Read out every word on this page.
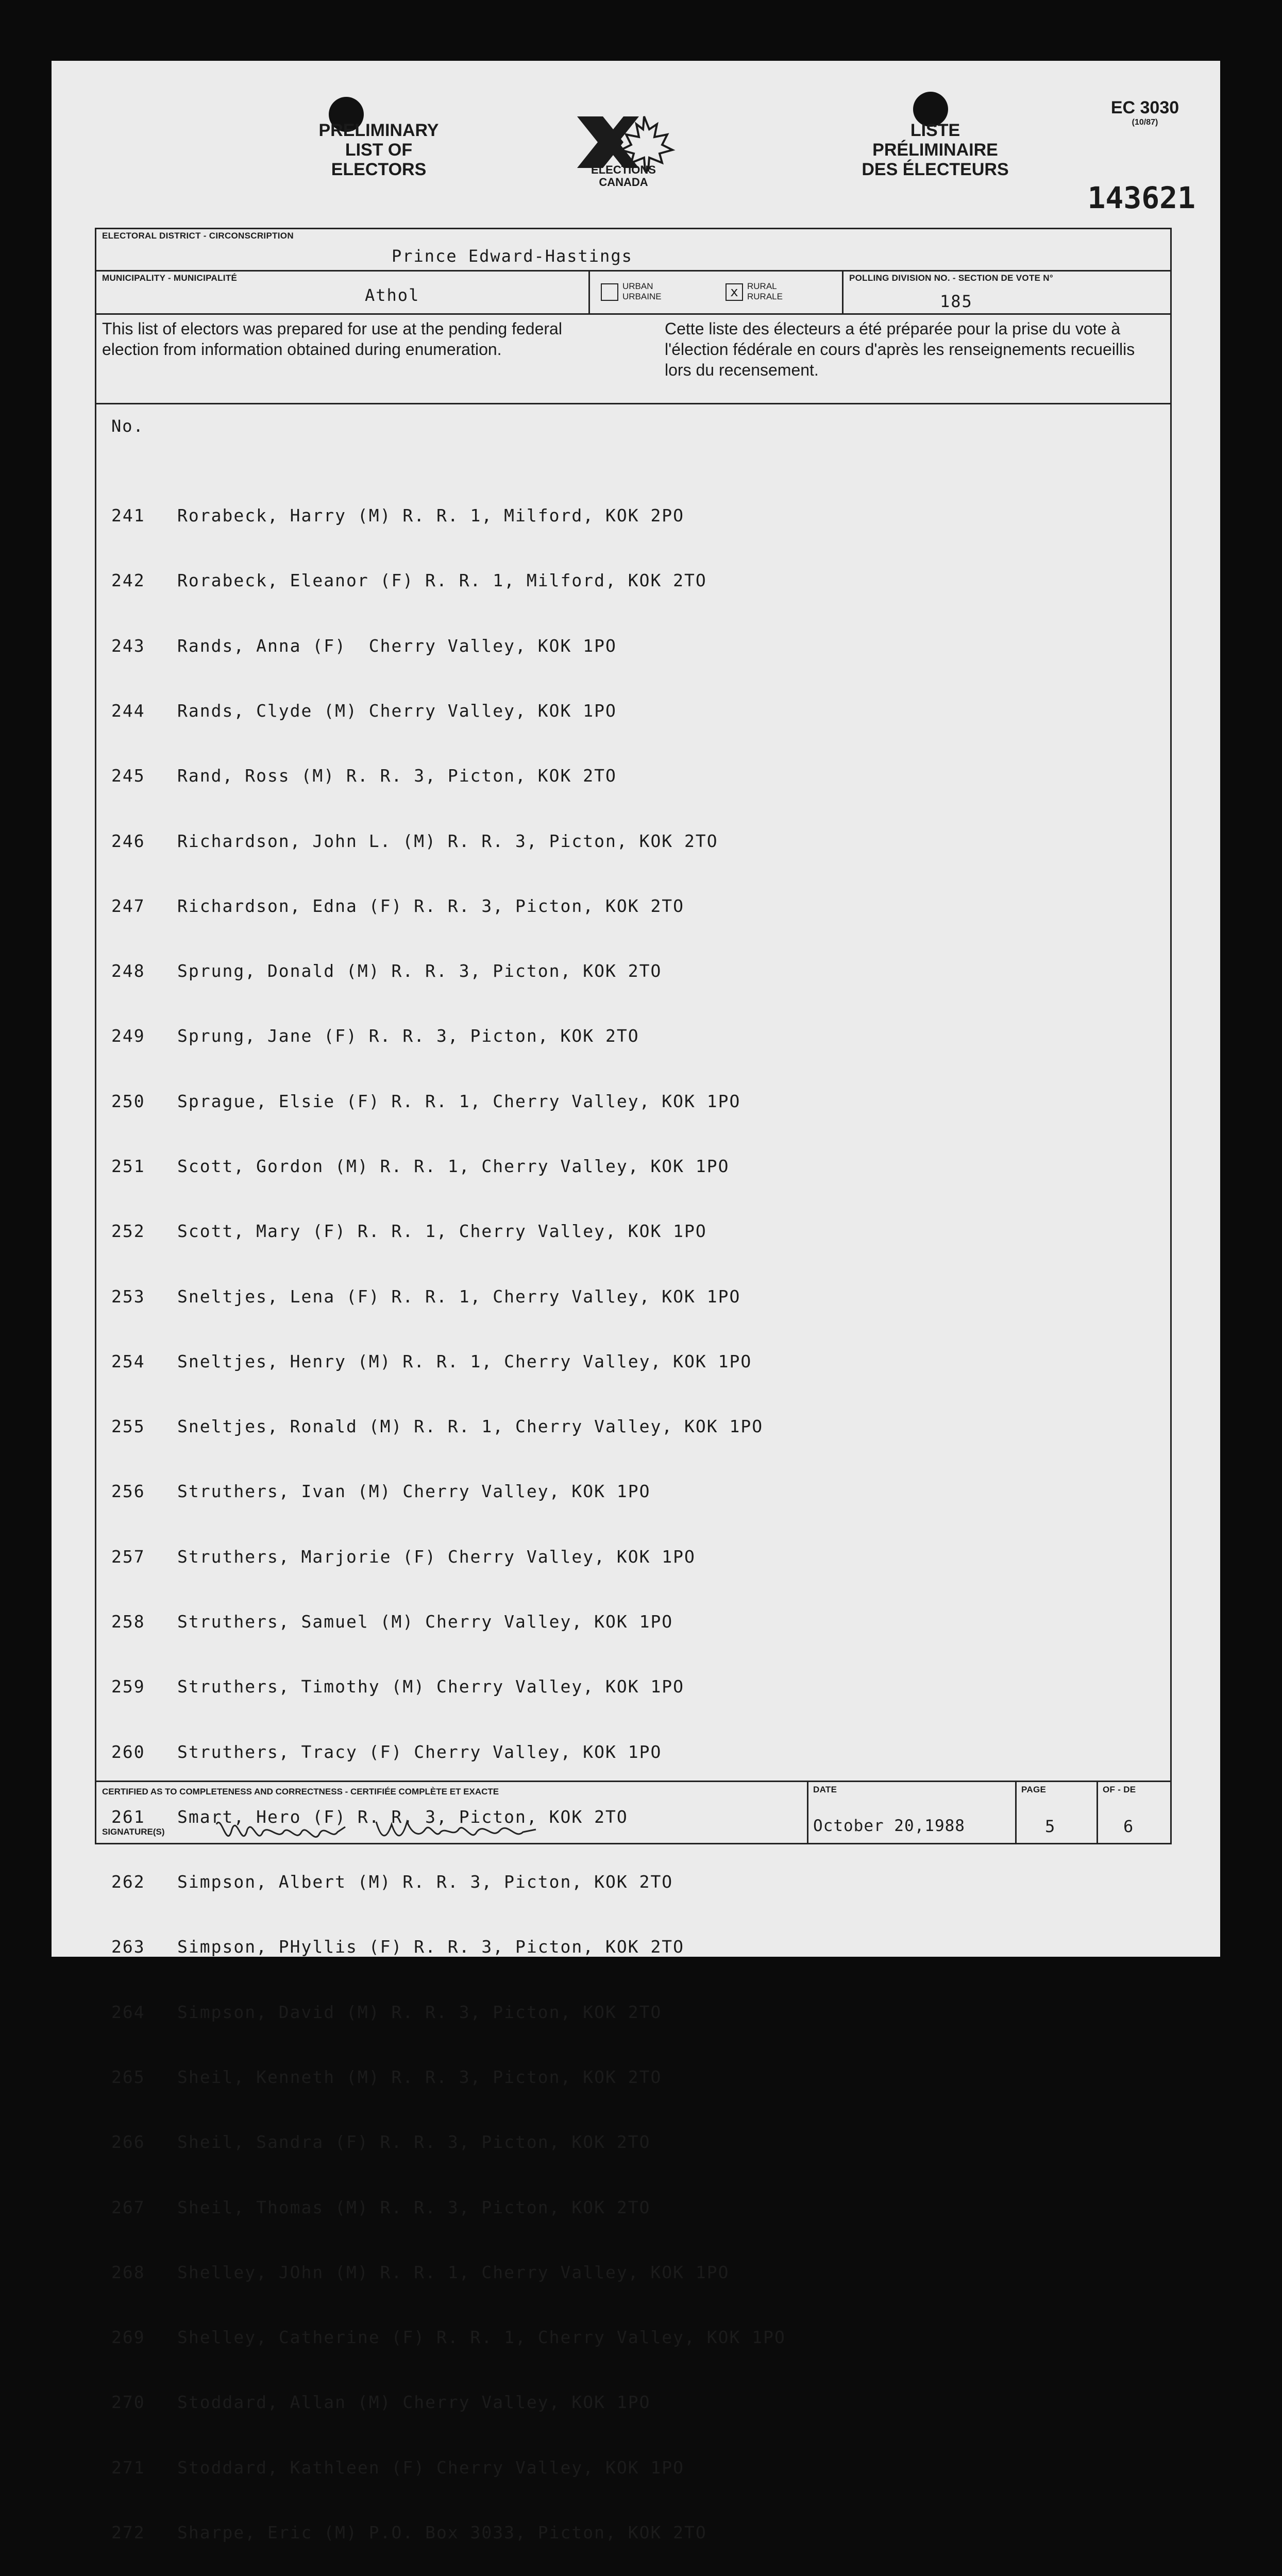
PRELIMINARY
LIST OF
ELECTORS	ELECTIONS
CANADA
LISTE
PRÉLIMINAIRE
DES ÉLECTEURS
EC 3030
(10/87)
143621
ELECTORAL DISTRICT - CIRCONSCRIPTION
Prince Edward-Hastings
MUNICIPALITY - MUNICIPALITÉ
Athol	URBAN
URBAINE	x	RURAL
RURALE
POLLING DIVISION NO. - SECTION DE VOTE N°
185
This list of electors was prepared for use at the pending federal election from information obtained during enumeration.
Cette liste des électeurs a été préparée pour la prise du vote à l'élection fédérale en cours d'après les renseignements recueillis lors du recensement.
No.

241 Rorabeck, Harry (M) R. R. 1, Milford, KOK 2PO

242 Rorabeck, Eleanor (F) R. R. 1, Milford, KOK 2TO

243 Rands, Anna (F)  Cherry Valley, KOK 1PO

244 Rands, Clyde (M) Cherry Valley, KOK 1PO

245 Rand, Ross (M) R. R. 3, Picton, KOK 2TO

246 Richardson, John L. (M) R. R. 3, Picton, KOK 2TO

247 Richardson, Edna (F) R. R. 3, Picton, KOK 2TO

248 Sprung, Donald (M) R. R. 3, Picton, KOK 2TO

249 Sprung, Jane (F) R. R. 3, Picton, KOK 2TO

250 Sprague, Elsie (F) R. R. 1, Cherry Valley, KOK 1PO

251 Scott, Gordon (M) R. R. 1, Cherry Valley, KOK 1PO

252 Scott, Mary (F) R. R. 1, Cherry Valley, KOK 1PO

253 Sneltjes, Lena (F) R. R. 1, Cherry Valley, KOK 1PO

254 Sneltjes, Henry (M) R. R. 1, Cherry Valley, KOK 1PO

255 Sneltjes, Ronald (M) R. R. 1, Cherry Valley, KOK 1PO

256 Struthers, Ivan (M) Cherry Valley, KOK 1PO

257 Struthers, Marjorie (F) Cherry Valley, KOK 1PO

258 Struthers, Samuel (M) Cherry Valley, KOK 1PO

259 Struthers, Timothy (M) Cherry Valley, KOK 1PO

260 Struthers, Tracy (F) Cherry Valley, KOK 1PO

261 Smart, Hero (F) R. R. 3, Picton, KOK 2TO

262 Simpson, Albert (M) R. R. 3, Picton, KOK 2TO

263 Simpson, PHyllis (F) R. R. 3, Picton, KOK 2TO

264 Simpson, David (M) R. R. 3, Picton, KOK 2TO

265 Sheil, Kenneth (M) R. R. 3, Picton, KOK 2TO

266 Sheil, Sandra (F) R. R. 3, Picton, KOK 2TO

267 Sheil, Thomas (M) R. R. 3, Picton, KOK 2TO

268 Shelley, JOhn (M) R. R. 1, Cherry Valley, KOK 1PO

269 Shelley, Catherine (F) R. R. 1, Cherry Valley, KOK 1PO

270 Stoddard, Allan (M) Cherry Valley, KOK 1PO

271 Stoddard, Kathleen (F) Cherry Valley, KOK 1PO

272 Sharpe, Eric (M) P.O. Box 3033, Picton, KOK 2TO

CERTIFIED AS TO COMPLETENESS AND CORRECTNESS - CERTIFIÉE COMPLÈTE ET EXACTE
SIGNATURE(S)
DATE
October 20,1988
PAGE
5
OF - DE
6
